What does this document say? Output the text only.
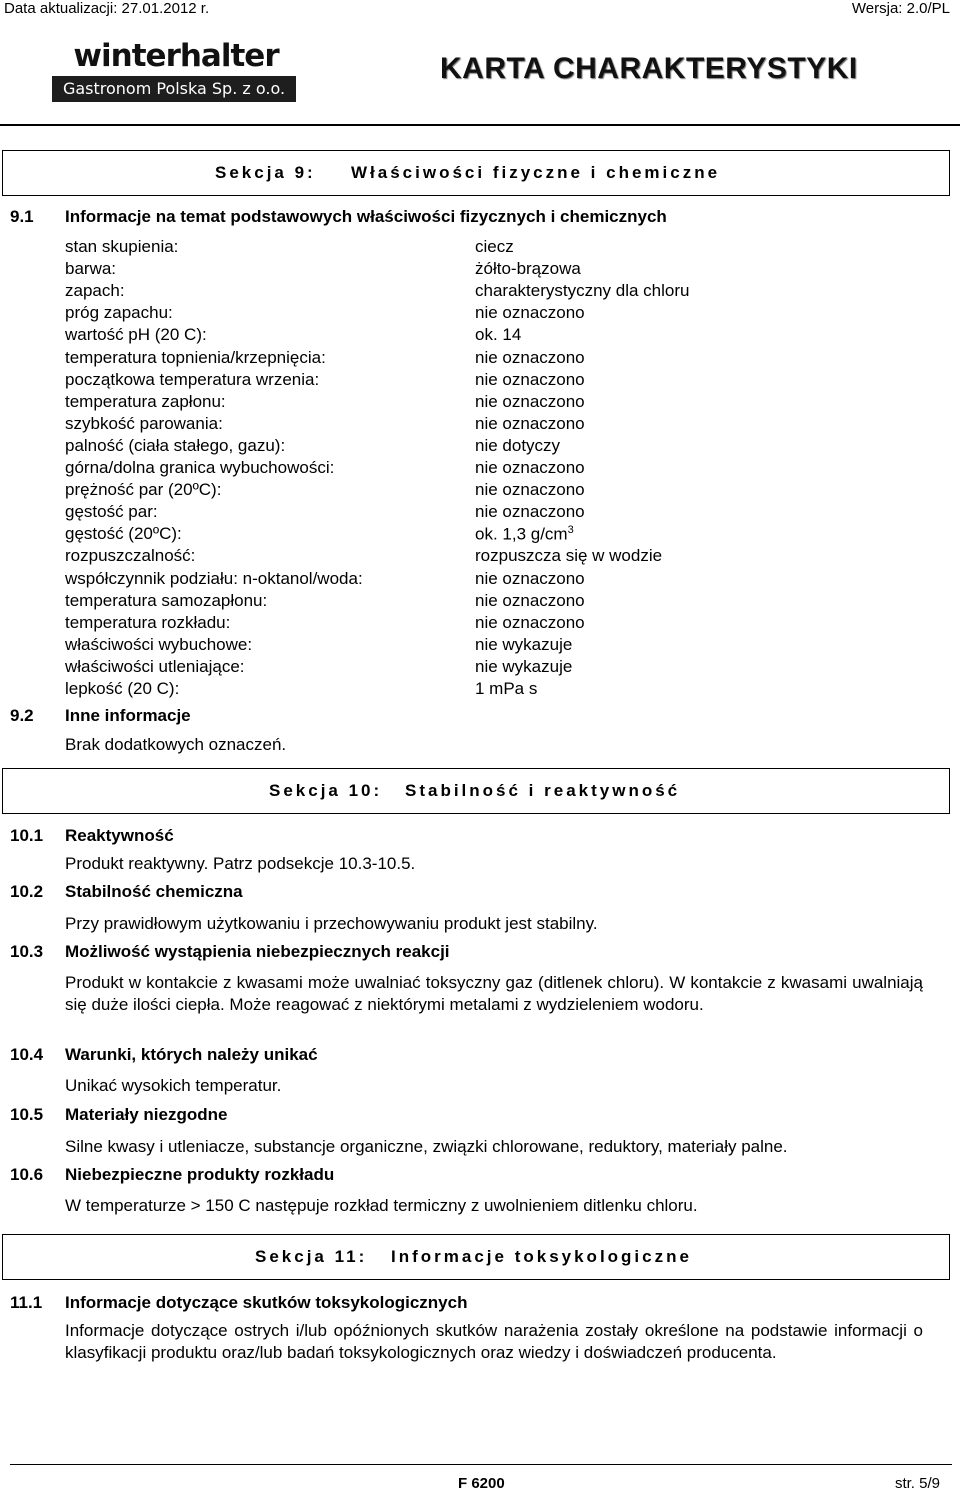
Data aktualizacji: 27.01.2012 r.	Wersja: 2.0/PL
winterhalter
Gastronom Polska Sp. z o.o.
KARTA CHARAKTERYSTYKI
Sekcja 9: Właściwości fizyczne i chemiczne
9.1 Informacje na temat podstawowych właściwości fizycznych i chemicznych
stan skupienia:	ciecz
barwa:	żółto-brązowa
zapach:	charakterystyczny dla chloru
próg zapachu:	nie oznaczono
wartość pH (20 C):	ok. 14
temperatura topnienia/krzepnięcia:	nie oznaczono
początkowa temperatura wrzenia:	nie oznaczono
temperatura zapłonu:	nie oznaczono
szybkość parowania:	nie oznaczono
palność (ciała stałego, gazu):	nie dotyczy
górna/dolna granica wybuchowości:	nie oznaczono
prężność par (20ºC):	nie oznaczono
gęstość par:	nie oznaczono
gęstość (20ºC):	ok. 1,3 $g/cm^3$
rozpuszczalność:	rozpuszcza się w wodzie
współczynnik podziału: n-oktanol/woda:	nie oznaczono
temperatura samozapłonu:	nie oznaczono
temperatura rozkładu:	nie oznaczono
właściwości wybuchowe:	nie wykazuje
właściwości utleniające:	nie wykazuje
lepkość (20 C):	1 mPa s
9.2 Inne informacje
Brak dodatkowych oznaczeń.
Sekcja 10: Stabilność i reaktywność
10.1 Reaktywność
Produkt reaktywny. Patrz podsekcje 10.3-10.5.
10.2 Stabilność chemiczna
Przy prawidłowym użytkowaniu i przechowywaniu produkt jest stabilny.
10.3 Możliwość wystąpienia niebezpiecznych reakcji
Produkt w kontakcie z kwasami może uwalniać toksyczny gaz (ditlenek chloru). W kontakcie z kwasami uwalniają się duże ilości ciepła. Może reagować z niektórymi metalami z wydzieleniem wodoru.
10.4 Warunki, których należy unikać
Unikać wysokich temperatur.
10.5 Materiały niezgodne
Silne kwasy i utleniacze, substancje organiczne, związki chlorowane, reduktory, materiały palne.
10.6 Niebezpieczne produkty rozkładu
W temperaturze > 150 C następuje rozkład termiczny z uwolnieniem ditlenku chloru.
Sekcja 11: Informacje toksykologiczne
11.1 Informacje dotyczące skutków toksykologicznych
Informacje dotyczące ostrych i/lub opóźnionych skutków narażenia zostały określone na podstawie informacji o klasyfikacji produktu oraz/lub badań toksykologicznych oraz wiedzy i doświadczeń producenta.
F 6200	str. 5/9
